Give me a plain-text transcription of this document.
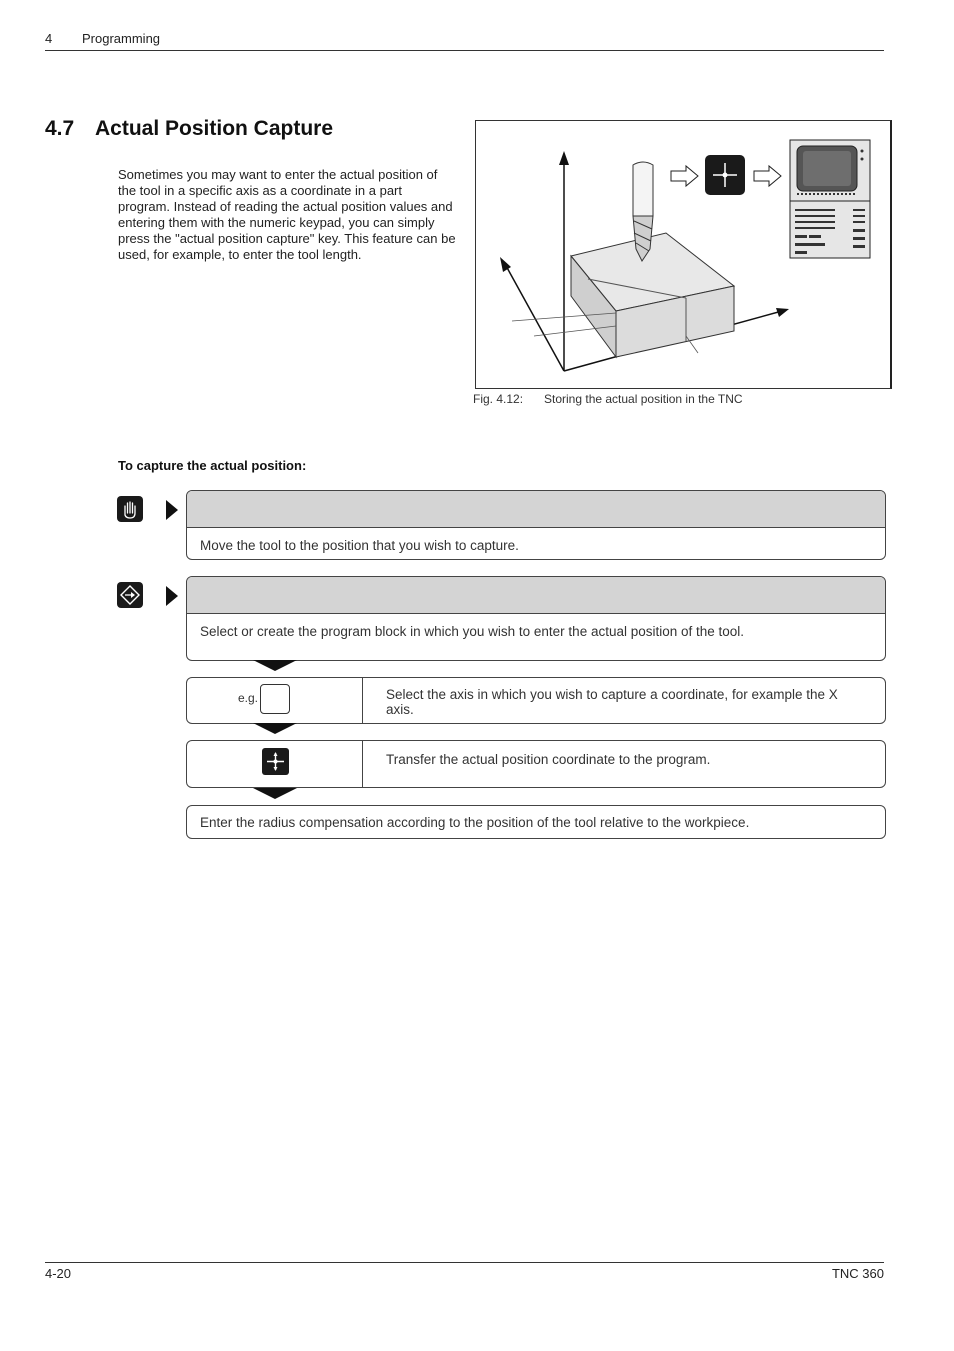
4 Programming
4.7 Actual Position Capture
Sometimes you may want to enter the actual position of the tool in a specific axis as a coordinate in a part program. Instead of reading the actual position values and entering them with the numeric keypad, you can simply press the "actual position capture" key. This feature can be used, for example, to enter the tool length.
Fig. 4.12: Storing the actual position in the TNC
To capture the actual position:
Move the tool to the position that you wish to capture.
Select or create the program block in which you wish to enter the actual position of the tool.
e.g.	Select the axis in which you wish to capture a coordinate, for example the X axis.
Transfer the actual position coordinate to the program.
Enter the radius compensation according to the position of the tool relative to the workpiece.
4-20	TNC 360
